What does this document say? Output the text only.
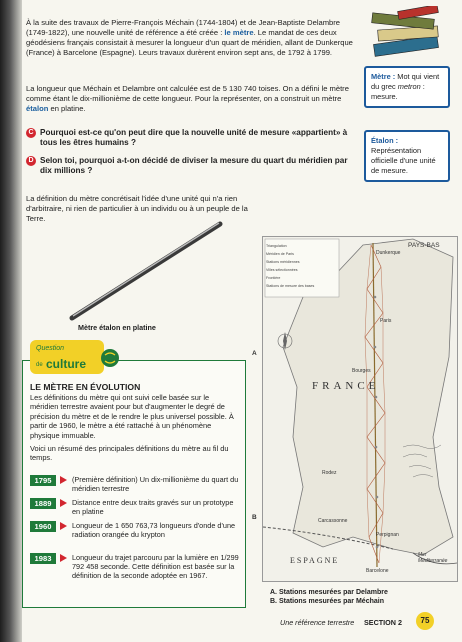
À la suite des travaux de Pierre-François Méchain (1744-1804) et de Jean-Baptiste Delambre (1749-1822), une nouvelle unité de référence a été créée : le mètre. Le mandat de ces deux géodésiens français consistait à mesurer la longueur d'un quart de méridien, allant de Dunkerque (France) à Barcelone (Espagne). Leurs travaux durèrent environ sept ans, de 1792 à 1799.

La longueur que Méchain et Delambre ont calculée est de 5 130 740 toises. On a défini le mètre comme étant le dix-millionième de cette longueur. Pour la représenter, on a construit un mètre étalon en platine.

C Pourquoi est-ce qu'on peut dire que la nouvelle unité de mesure «appartient» à tous les êtres humains ?
D Selon toi, pourquoi a-t-on décidé de diviser la mesure du quart du méridien par dix millions ?

La définition du mètre concrétisait l'idée d'une unité qui n'a rien d'arbitraire, ni rien de particulier à un individu ou à un peuple de la Terre.

Mètre : Mot qui vient du grec metron : mesure.
Étalon : Représentation officielle d'une unité de mesure.
Mètre étalon en platine
Question
de culture
LE MÈTRE EN ÉVOLUTION
Les définitions du mètre qui ont suivi celle basée sur le méridien terrestre avaient pour but d'augmenter le degré de précision du mètre et de le rendre le plus universel possible. À partir de 1960, le mètre a été rattaché à un phénomène physique immuable.
Voici un résumé des principales définitions du mètre au fil du temps.
1795	(Première définition) Un dix-millionième du quart du méridien terrestre
1889	Distance entre deux traits gravés sur un prototype en platine
1960	Longueur de 1 650 763,73 longueurs d'onde d'une radiation orangée du krypton
1983	Longueur du trajet parcouru par la lumière en 1/299 792 458 seconde. Cette définition est basée sur la définition de la seconde adoptée en 1967.
Triangulation
Méridien de Paris
Stations méridiennes
Villes sélectionnées
Frontière
Stations de mesure des bases
PAYS-BAS
Dunkerque
Paris
Bourges
Rodez
Carcassonne
Perpignan
Barcelone
FRANCE
ESPAGNE
Mer Méditerranée
A
B
A. Stations mesurées par Delambre
B. Stations mesurées par Méchain
Une référence terrestre SECTION 2	75
